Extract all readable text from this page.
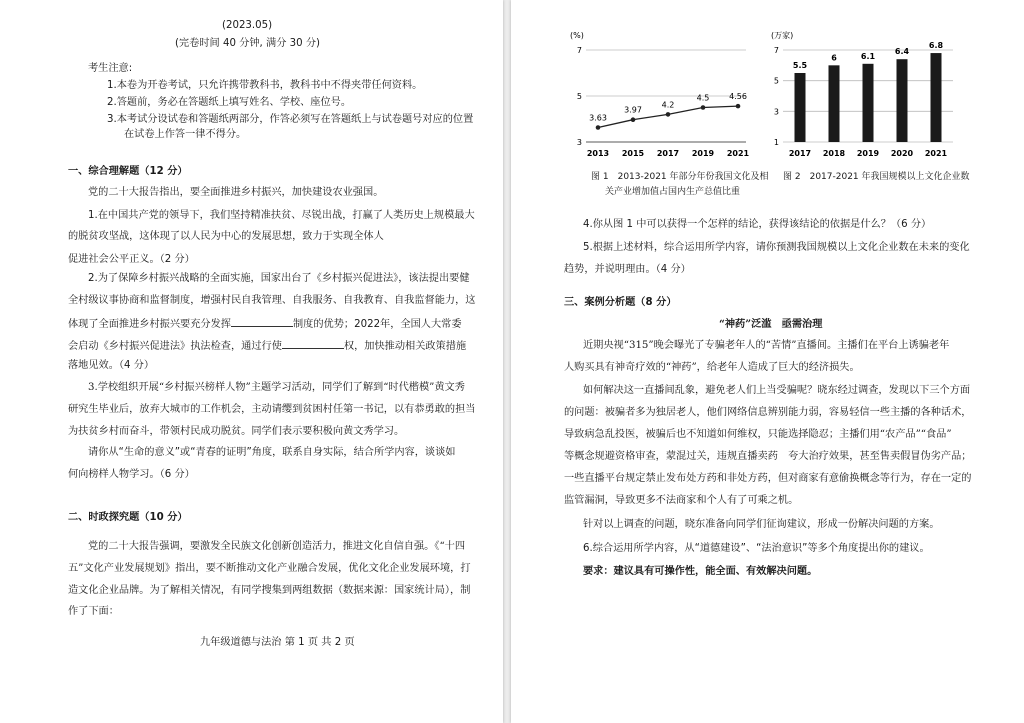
(2023.05)
(完卷时间 40 分钟, 满分 30 分)
考生注意:
1.本卷为开卷考试，只允许携带教科书，教科书中不得夹带任何资料。
2.答题前，务必在答题纸上填写姓名、学校、座位号。
3.本考试分设试卷和答题纸两部分，作答必须写在答题纸上与试卷题号对应的位置
在试卷上作答一律不得分。
一、综合理解题（12 分）
党的二十大报告指出，要全面推进乡村振兴，加快建设农业强国。
1.在中国共产党的领导下，我们坚持精准扶贫、尽锐出战，打赢了人类历史上规模最大
的脱贫攻坚战，这体现了以人民为中心的发展思想，致力于实现全体人
促进社会公平正义。（2 分）
2.为了保障乡村振兴战略的全面实施，国家出台了《乡村振兴促进法》，该法提出要健
全村级议事协商和监督制度，增强村民自我管理、自我服务、自我教育、自我监督能力，这
体现了全面推进乡村振兴要充分发挥	制度的优势；2022年，全国人大常委
会启动《乡村振兴促进法》执法检查，通过行使	权，加快推动相关政策措施
落地见效。（4 分）
3.学校组织开展“乡村振兴榜样人物”主题学习活动，同学们了解到“时代楷模”黄文秀
研究生毕业后，放弃大城市的工作机会，主动请缨到贫困村任第一书记，以有恭勇敢的担当
为扶贫乡村而奋斗，带领村民成功脱贫。同学们表示要积极向黄文秀学习。
请你从“生命的意义”或“青春的证明”角度，联系自身实际，结合所学内容，谈谈如
何向榜样人物学习。（6 分）
二、时政探究题（10 分）
党的二十大报告强调，要激发全民族文化创新创造活力，推进文化自信自强。《“十四
五”文化产业发展规划》指出，要不断推动文化产业融合发展，优化文化企业发展环境，打
造文化企业品牌。为了解相关情况，有同学搜集到两组数据（数据来源：国家统计局），制
作了下面：
九年级道德与法治 第 1 页 共 2 页
(%)
3
5
7
3.63
2013
3.97
2015
4.2
2017
4.5
2019
4.56
2021
图 1　2013-2021 年部分年份我国文化及相
关产业增加值占国内生产总值比重
(万家)
1
3
5
7
5.5
2017
6
2018
6.1
2019
6.4
2020
6.8
2021
图 2　2017-2021 年我国规模以上文化企业数
4.你从图 1 中可以获得一个怎样的结论，获得该结论的依据是什么？（6 分）
5.根据上述材料，综合运用所学内容，请你预测我国规模以上文化企业数在未来的变化
趋势，并说明理由。（4 分）
三、案例分析题（8 分）
“神药”泛滥　亟需治理
近期央视“315”晚会曝光了专骗老年人的“苦情”直播间。主播们在平台上诱骗老年
人购买具有神奇疗效的“神药”，给老年人造成了巨大的经济损失。
如何解决这一直播间乱象，避免老人们上当受骗呢？晓东经过调查，发现以下三个方面
的问题：被骗者多为独居老人，他们网络信息辨别能力弱，容易轻信一些主播的各种话术，
导致病急乱投医，被骗后也不知道如何维权，只能选择隐忍；主播们用“农产品”“食品”
等概念规避资格审查，蒙混过关，违规直播卖药　夸大治疗效果，甚至售卖假冒伪劣产品；
一些直播平台规定禁止发布处方药和非处方药，但对商家有意偷换概念等行为，存在一定的
监管漏洞，导致更多不法商家和个人有了可乘之机。
针对以上调查的问题，晓东准备向同学们征询建议，形成一份解决问题的方案。
6.综合运用所学内容，从“道德建设”、“法治意识”等多个角度提出你的建议。
要求：建议具有可操作性，能全面、有效解决问题。
